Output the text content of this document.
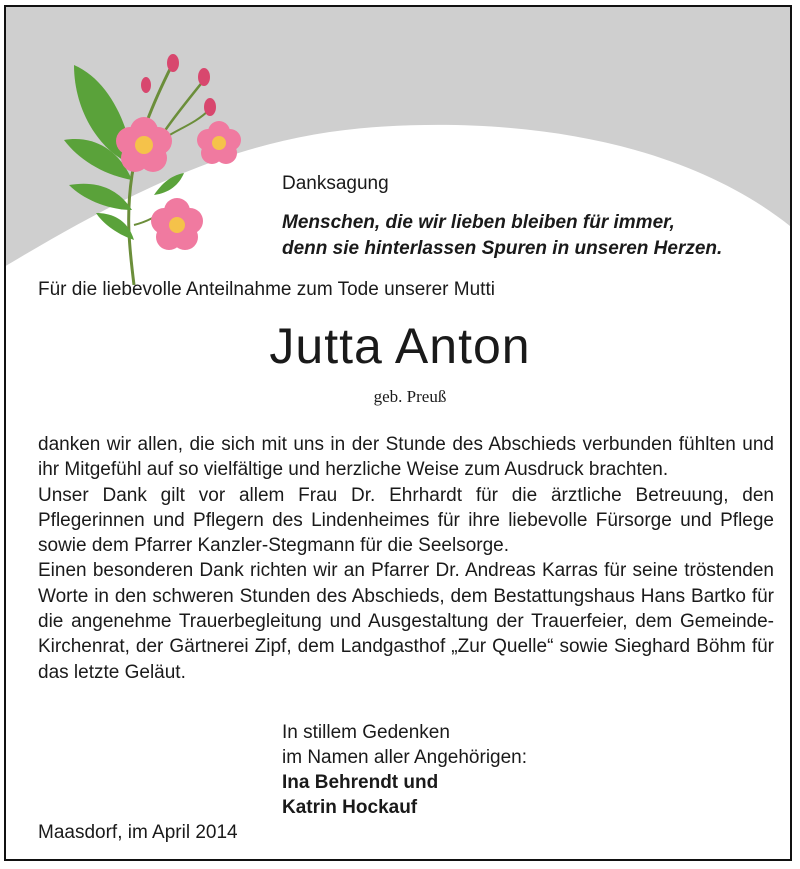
Danksagung
Menschen, die wir lieben bleiben für immer,
denn sie hinterlassen Spuren in unseren Herzen.
Für die liebevolle Anteilnahme zum Tode unserer Mutti
Jutta Anton
geb. Preuß

danken wir allen, die sich mit uns in der Stunde des Abschieds verbunden fühlten und ihr Mitgefühl auf so vielfältige und herzliche Weise zum Ausdruck brachten.

Unser Dank gilt vor allem Frau Dr. Ehrhardt für die ärztliche Betreuung, den Pflegerinnen und Pflegern des Lindenheimes für ihre liebevolle Fürsorge und Pflege sowie dem Pfarrer Kanzler-Stegmann für die Seelsorge.

Einen besonderen Dank richten wir an Pfarrer Dr. Andreas Karras für seine tröstenden Worte in den schweren Stunden des Abschieds, dem Bestattungshaus Hans Bartko für die angenehme Trauerbegleitung und Ausgestaltung der Trauerfeier, dem Gemeinde-Kirchenrat, der Gärtnerei Zipf, dem Landgasthof „Zur Quelle“ sowie Sieghard Böhm für das letzte Geläut.

In stillem Gedenken
im Namen aller Angehörigen:
Ina Behrendt und
Katrin Hockauf
Maasdorf, im April 2014
